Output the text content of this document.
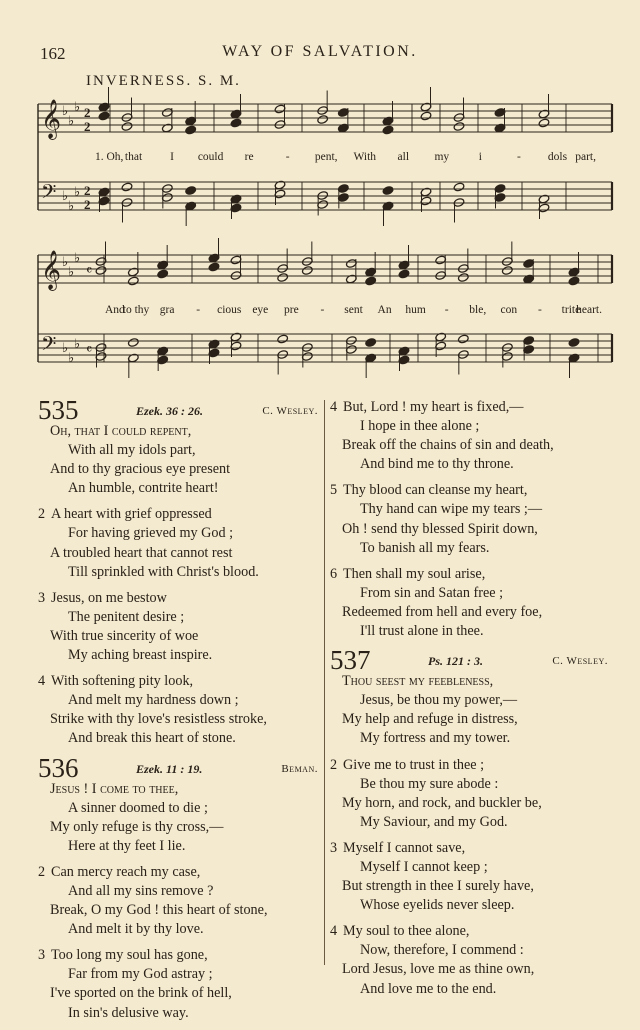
162	WAY OF SALVATION.
INVERNESS. S. M.
𝄞
𝄢
♭
♭
♭ 2
2
♭
♭
♭ 2
2
𝄞
𝄢
♭
♭
♭
𝄴
♭
♭
♭ 𝄴
1. Oh, that I could re	- pent, With all my	i	- dols part,
And
to thy gra - cious eye pre - sent An hum - ble, con - trite
heart.
535	Ezek. 36 : 26.	C. Wesley.
Oh, that I could repent,
With all my idols part,
And to thy gracious eye present
An humble, contrite heart!
2 A heart with grief oppressed
For having grieved my God ;
A troubled heart that cannot rest
Till sprinkled with Christ's blood.
3 Jesus, on me bestow
The penitent desire ;
With true sincerity of woe
My aching breast inspire.
4 With softening pity look,
And melt my hardness down ;
Strike with thy love's resistless stroke,
And break this heart of stone.
536	Ezek. 11 : 19.	Beman.
Jesus ! I come to thee,
A sinner doomed to die ;
My only refuge is thy cross,—
Here at thy feet I lie.
2 Can mercy reach my case,
And all my sins remove ?
Break, O my God ! this heart of stone,
And melt it by thy love.
3 Too long my soul has gone,
Far from my God astray ;
I've sported on the brink of hell,
In sin's delusive way.
4 But, Lord ! my heart is fixed,—
I hope in thee alone ;
Break off the chains of sin and death,
And bind me to thy throne.
5 Thy blood can cleanse my heart,
Thy hand can wipe my tears ;—
Oh ! send thy blessed Spirit down,
To banish all my fears.
6 Then shall my soul arise,
From sin and Satan free ;
Redeemed from hell and every foe,
I'll trust alone in thee.
537	Ps. 121 : 3.	C. Wesley.
Thou seest my feebleness,
Jesus, be thou my power,—
My help and refuge in distress,
My fortress and my tower.
2 Give me to trust in thee ;
Be thou my sure abode :
My horn, and rock, and buckler be,
My Saviour, and my God.
3 Myself I cannot save,
Myself I cannot keep ;
But strength in thee I surely have,
Whose eyelids never sleep.
4 My soul to thee alone,
Now, therefore, I commend :
Lord Jesus, love me as thine own,
And love me to the end.
